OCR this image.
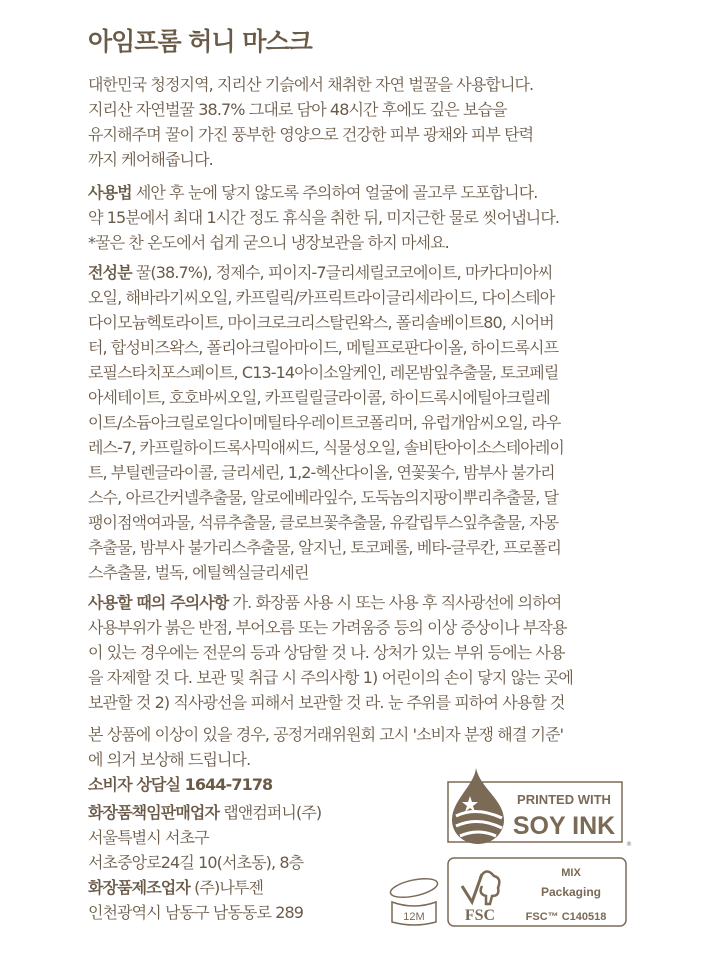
아임프롬 허니 마스크
대한민국 청정지역, 지리산 기슭에서 채취한 자연 벌꿀을 사용합니다.
지리산 자연벌꿀 38.7% 그대로 담아 48시간 후에도 깊은 보습을
유지해주며 꿀이 가진 풍부한 영양으로 건강한 피부 광채와 피부 탄력
까지 케어해줍니다.
사용법 세안 후 눈에 닿지 않도록 주의하여 얼굴에 골고루 도포합니다.
약 15분에서 최대 1시간 정도 휴식을 취한 뒤, 미지근한 물로 씻어냅니다.
*꿀은 찬 온도에서 쉽게 굳으니 냉장보관을 하지 마세요.
전성분 꿀(38.7%), 정제수, 피이지-7글리세릴코코에이트, 마카다미아씨
오일, 해바라기씨오일, 카프릴릭/카프릭트라이글리세라이드, 다이스테아
다이모늄헥토라이트, 마이크로크리스탈린왁스, 폴리솔베이트80, 시어버
터, 합성비즈왁스, 폴리아크릴아마이드, 메틸프로판다이올, 하이드록시프
로필스타치포스페이트, C13-14아이소알케인, 레몬밤잎추출물, 토코페릴
아세테이트, 호호바씨오일, 카프릴릴글라이콜, 하이드록시에틸아크릴레
이트/소듐아크릴로일다이메틸타우레이트코폴리머, 유럽개암씨오일, 라우
레스-7, 카프릴하이드록사믹애씨드, 식물성오일, 솔비탄아이소스테아레이
트, 부틸렌글라이콜, 글리세린, 1,2-헥산다이올, 연꽃꽃수, 밤부사 불가리
스수, 아르간커넬추출물, 알로에베라잎수, 도둑놈의지팡이뿌리추출물, 달
팽이점액여과물, 석류추출물, 클로브꽃추출물, 유칼립투스잎추출물, 자몽
추출물, 밤부사 불가리스추출물, 알지닌, 토코페롤, 베타-글루칸, 프로폴리
스추출물, 벌독, 에틸헥실글리세린
사용할 때의 주의사항 가. 화장품 사용 시 또는 사용 후 직사광선에 의하여
사용부위가 붉은 반점, 부어오름 또는 가려움증 등의 이상 증상이나 부작용
이 있는 경우에는 전문의 등과 상담할 것 나. 상처가 있는 부위 등에는 사용
을 자제할 것 다. 보관 및 취급 시 주의사항 1) 어린이의 손이 닿지 않는 곳에
보관할 것 2) 직사광선을 피해서 보관할 것 라. 눈 주위를 피하여 사용할 것
본 상품에 이상이 있을 경우, 공정거래위원회 고시 '소비자 분쟁 해결 기준'
에 의거 보상해 드립니다.
소비자 상담실 1644-7178
화장품책임판매업자 랩앤컴퍼니(주)
서울특별시 서초구
서초중앙로24길 10(서초동), 8층
화장품제조업자 (주)나투젠
인천광역시 남동구 남동동로 289
PRINTED WITH
SOY INK
®
12M	FSC
MIX
Packaging
FSC™ C140518
